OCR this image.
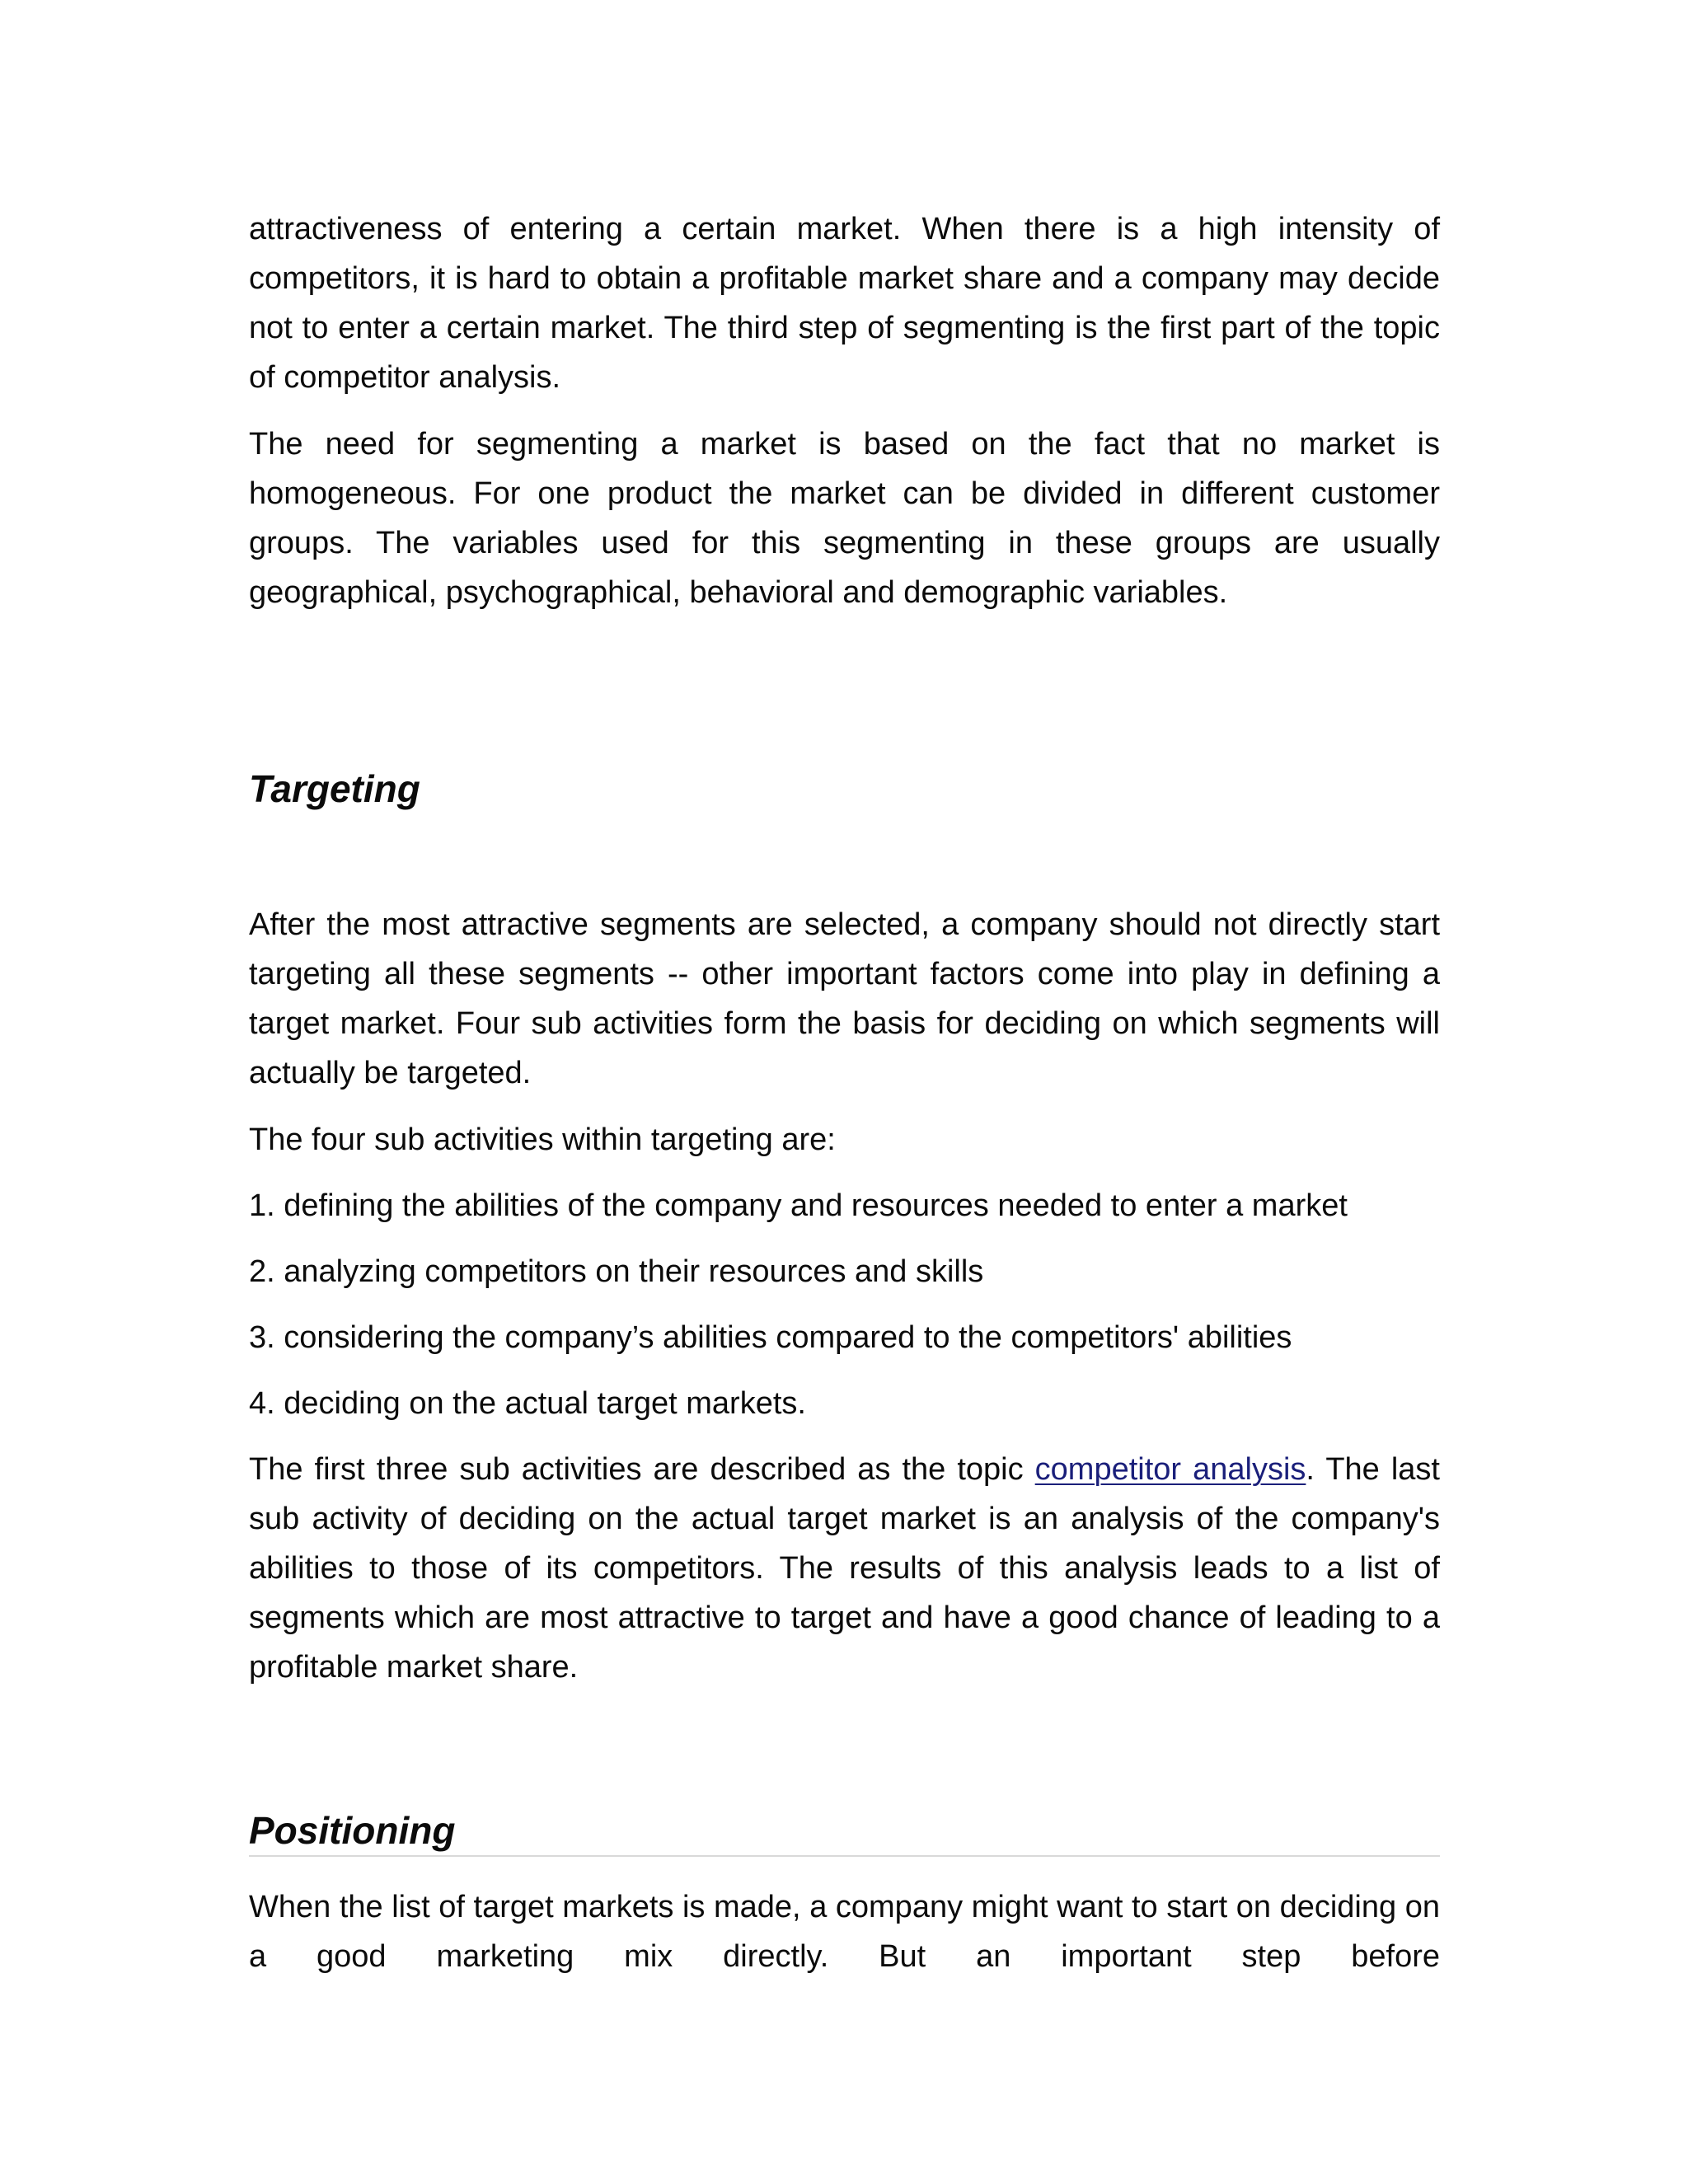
attractiveness of entering a certain market. When there is a high intensity of competitors, it is hard to obtain a profitable market share and a company may decide not to enter a certain market. The third step of segmenting is the first part of the topic of competitor analysis.

The need for segmenting a market is based on the fact that no market is homogeneous. For one product the market can be divided in different customer groups. The variables used for this segmenting in these groups are usually geographical, psychographical, behavioral and demographic variables.

Targeting

After the most attractive segments are selected, a company should not directly start targeting all these segments -- other important factors come into play in defining a target market. Four sub activities form the basis for deciding on which segments will actually be targeted.

The four sub activities within targeting are:

1. defining the abilities of the company and resources needed to enter a market

2. analyzing competitors on their resources and skills

3. considering the company’s abilities compared to the competitors' abilities

4. deciding on the actual target markets.

The first three sub activities are described as the topic competitor analysis. The last sub activity of deciding on the actual target market is an analysis of the company's abilities to those of its competitors. The results of this analysis leads to a list of segments which are most attractive to target and have a good chance of leading to a profitable market share.

Positioning

When the list of target markets is made, a company might want to start on deciding on a good marketing mix directly. But an important step before
